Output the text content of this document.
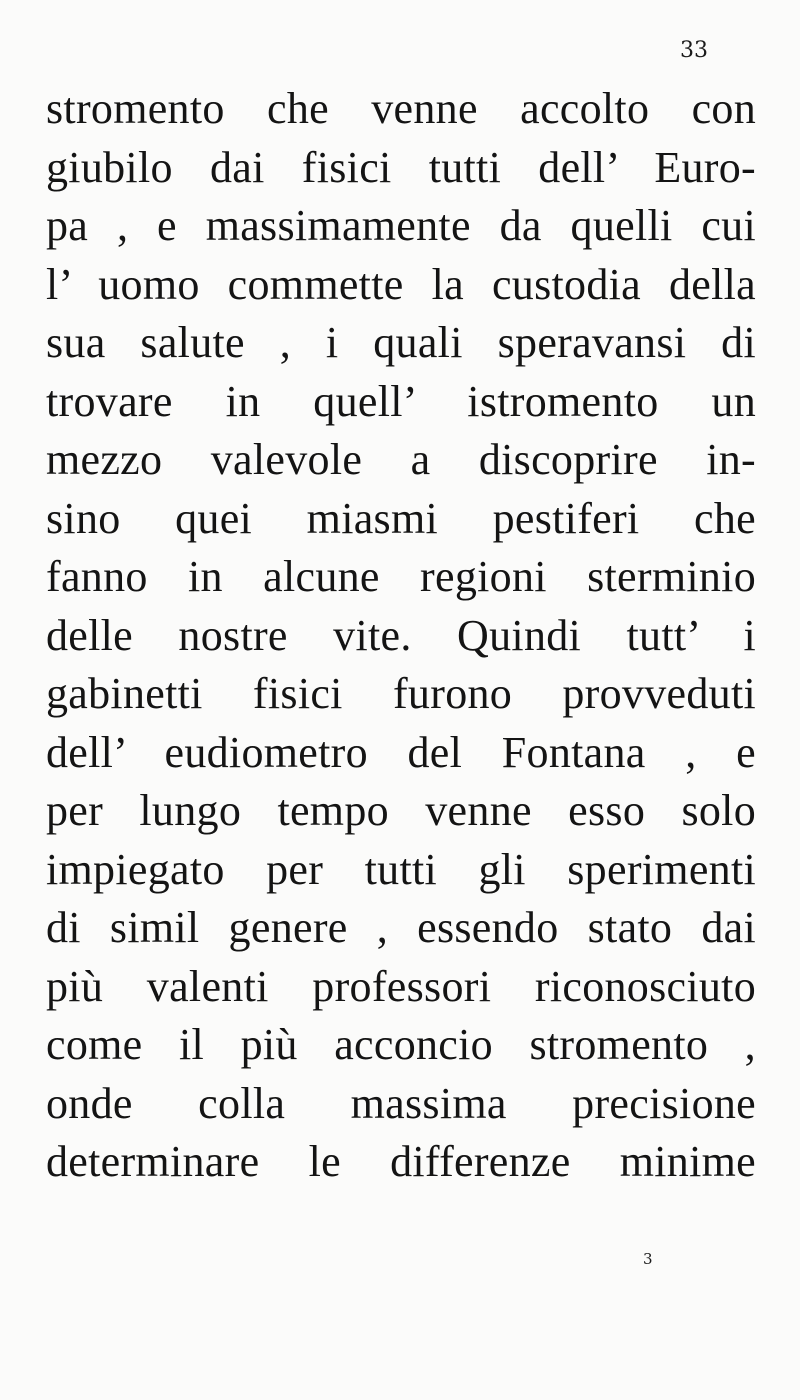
33
stromento che venne accolto con
giubilo dai fisici tutti dell’ Euro-
pa , e massimamente da quelli cui
l’ uomo commette la custodia della
sua salute , i quali speravansi di
trovare in quell’ istromento un
mezzo valevole a discoprire in-
sino quei miasmi pestiferi che
fanno in alcune regioni sterminio
delle nostre vite. Quindi tutt’ i
gabinetti fisici furono provveduti
dell’ eudiometro del Fontana , e
per lungo tempo venne esso solo
impiegato per tutti gli sperimenti
di simil genere , essendo stato dai
più valenti professori riconosciuto
come il più acconcio stromento ,
onde colla massima precisione
determinare le differenze minime
3
